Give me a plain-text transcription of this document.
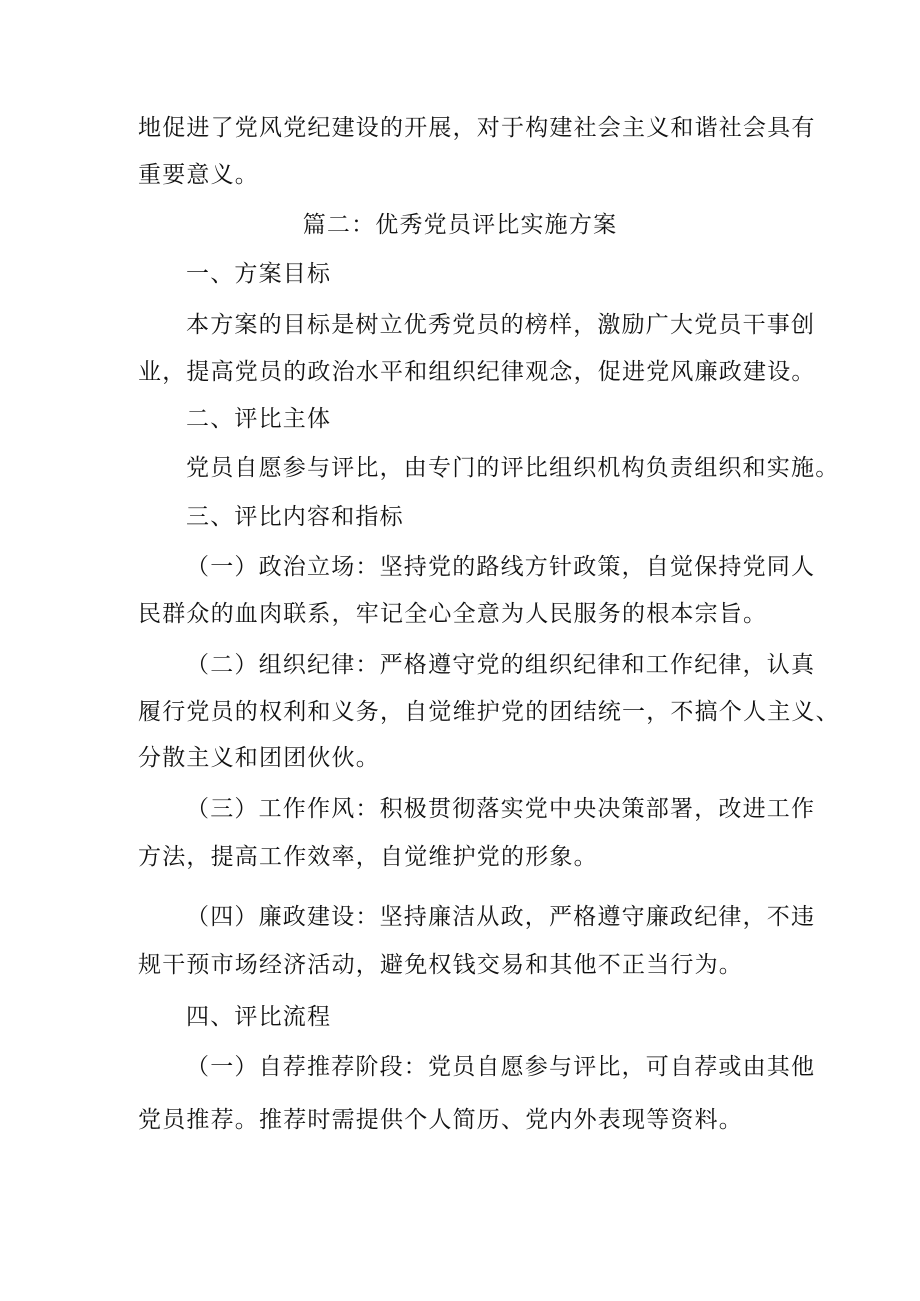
地促进了党风党纪建设的开展，对于构建社会主义和谐社会具有
重要意义。
篇二：优秀党员评比实施方案
一、方案目标
本方案的目标是树立优秀党员的榜样，激励广大党员干事创
业，提高党员的政治水平和组织纪律观念，促进党风廉政建设。
二、评比主体
党员自愿参与评比，由专门的评比组织机构负责组织和实施。
三、评比内容和指标
（一）政治立场：坚持党的路线方针政策，自觉保持党同人
民群众的血肉联系，牢记全心全意为人民服务的根本宗旨。
（二）组织纪律：严格遵守党的组织纪律和工作纪律，认真
履行党员的权利和义务，自觉维护党的团结统一，不搞个人主义、
分散主义和团团伙伙。
（三）工作作风：积极贯彻落实党中央决策部署，改进工作
方法，提高工作效率，自觉维护党的形象。
（四）廉政建设：坚持廉洁从政，严格遵守廉政纪律，不违
规干预市场经济活动，避免权钱交易和其他不正当行为。
四、评比流程
（一）自荐推荐阶段：党员自愿参与评比，可自荐或由其他
党员推荐。推荐时需提供个人简历、党内外表现等资料。
